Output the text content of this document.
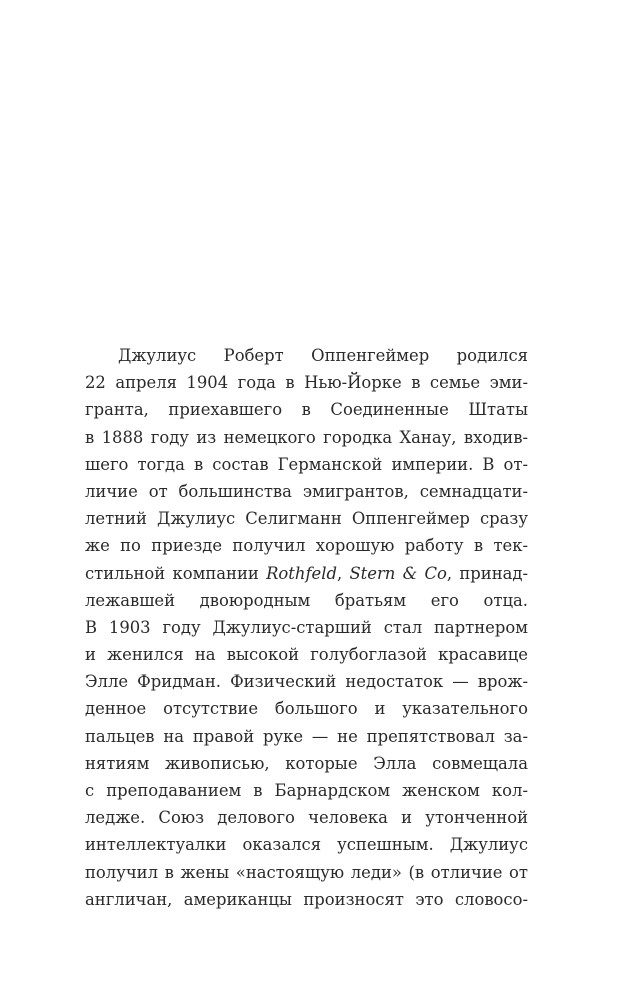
Джулиус Роберт Оппенгеймер родился
22 апреля 1904 года в Нью-Йорке в семье эми-
гранта, приехавшего в Соединенные Штаты
в 1888 году из немецкого городка Ханау, входив-
шего тогда в состав Германской империи. В от-
личие от большинства эмигрантов, семнадцати-
летний Джулиус Селигманн Оппенгеймер сразу
же по приезде получил хорошую работу в тек-
стильной компании Rothfeld, Stern & Co, принад-
лежавшей двоюродным братьям его отца.
В 1903 году Джулиус-старший стал партнером
и женился на высокой голубоглазой красавице
Элле Фридман. Физический недостаток — врож-
денное отсутствие большого и указательного
пальцев на правой руке — не препятствовал за-
нятиям живописью, которые Элла совмещала
с преподаванием в Барнардском женском кол-
ледже. Союз делового человека и утонченной
интеллектуалки оказался успешным. Джулиус
получил в жены «настоящую леди» (в отличие от
англичан, американцы произносят это словосо-
